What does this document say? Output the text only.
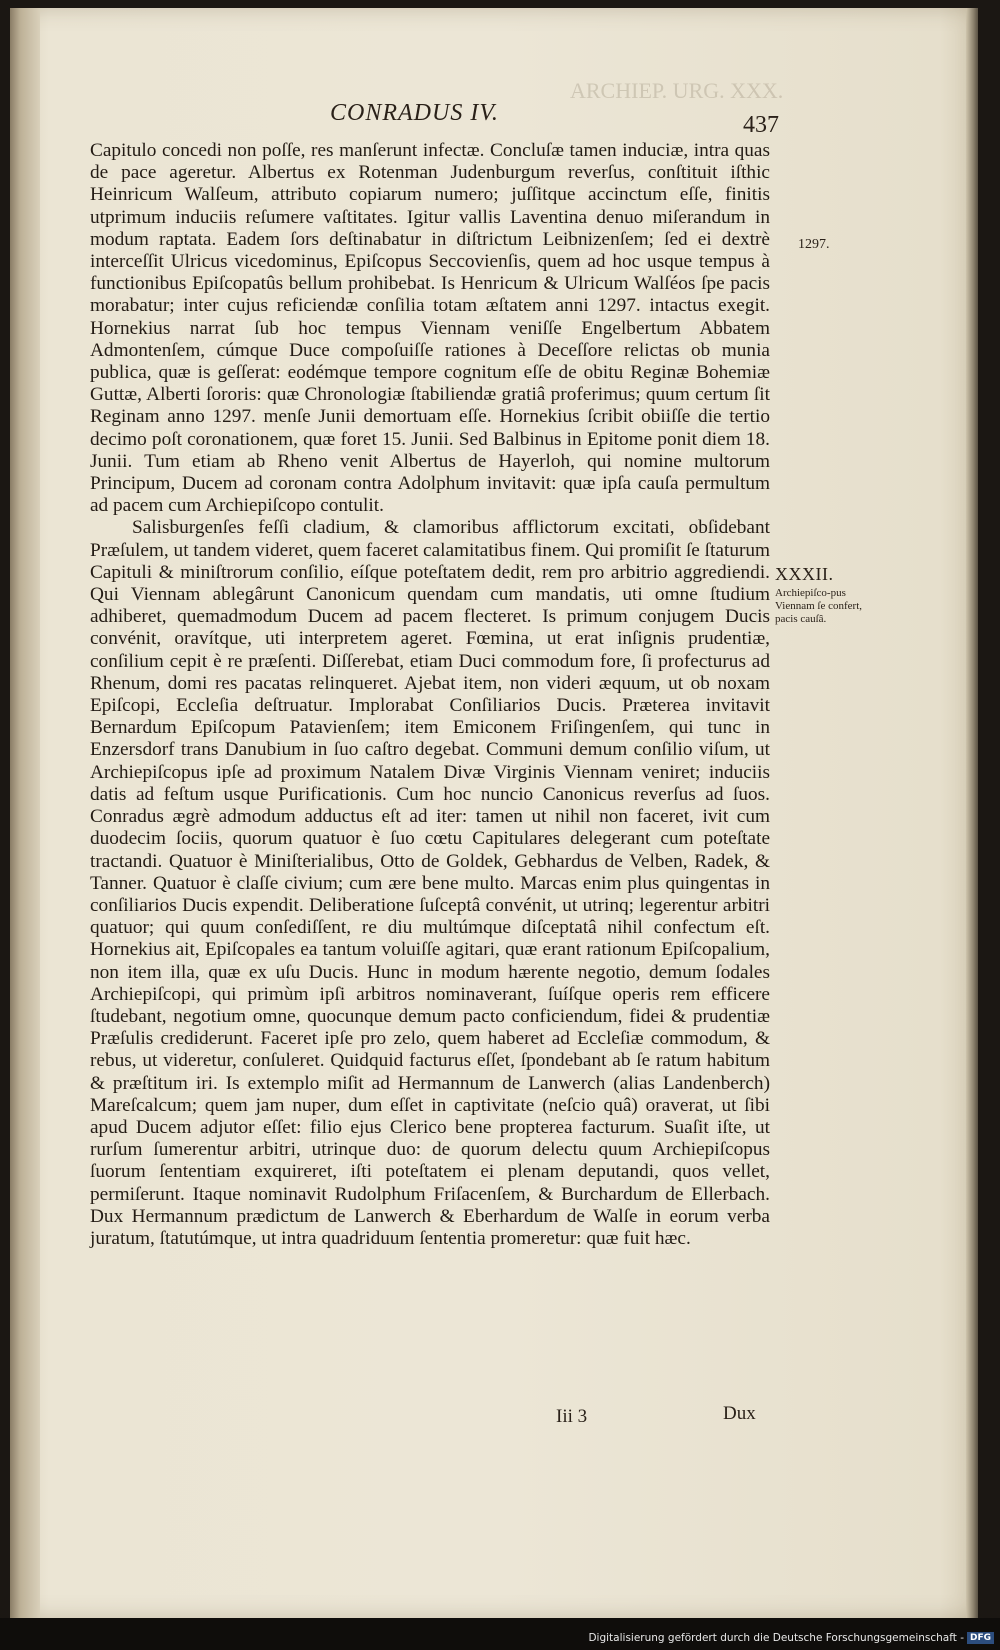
ARCHIEP. URG. XXX.
CONRADUS IV.	437

Capitulo concedi non poſſe, res manſerunt infectæ. Concluſæ tamen induciæ, intra quas de pace ageretur. Albertus ex Rotenman Judenburgum reverſus, conſtituit iſthic Heinricum Walſeum, attributo copiarum numero; juſſitque accinctum eſſe, finitis utprimum induciis reſumere vaſtitates. Igitur vallis Laventina denuo miſerandum in modum raptata. Eadem ſors deſtinabatur in diſtrictum Leibnizenſem; ſed ei dextrè interceſſit Ulricus vicedominus, Epiſcopus Seccovienſis, quem ad hoc usque tempus à functionibus Epiſcopatûs bellum prohibebat. Is Henricum & Ulricum Walſéos ſpe pacis morabatur; inter cujus reficiendæ conſilia totam æſtatem anni 1297. intactus exegit. Hornekius narrat ſub hoc tempus Viennam veniſſe Engelbertum Abbatem Admontenſem, cúmque Duce compoſuiſſe rationes à Deceſſore relictas ob munia publica, quæ is geſſerat: eodémque tempore cognitum eſſe de obitu Reginæ Bohemiæ Guttæ, Alberti ſororis: quæ Chronologiæ ſtabiliendæ gratiâ proferimus; quum certum ſit Reginam anno 1297. menſe Junii demortuam eſſe. Hornekius ſcribit obiiſſe die tertio decimo poſt coronationem, quæ foret 15. Junii. Sed Balbinus in Epitome ponit diem 18. Junii. Tum etiam ab Rheno venit Albertus de Hayerloh, qui nomine multorum Principum, Ducem ad coronam contra Adolphum invitavit: quæ ipſa cauſa permultum ad pacem cum Archiepiſcopo contulit.

Salisburgenſes feſſi cladium, & clamoribus afflictorum excitati, obſidebant Præſulem, ut tandem videret, quem faceret calamitatibus finem. Qui promiſit ſe ſtaturum Capituli & miniſtrorum conſilio, eíſque poteſtatem dedit, rem pro arbitrio aggrediendi. Qui Viennam ablegârunt Canonicum quendam cum mandatis, uti omne ſtudium adhiberet, quemadmodum Ducem ad pacem flecteret. Is primum conjugem Ducis convénit, oravítque, uti interpretem ageret. Fœmina, ut erat inſignis prudentiæ, conſilium cepit è re præſenti. Diſſerebat, etiam Duci commodum fore, ſi profecturus ad Rhenum, domi res pacatas relinqueret. Ajebat item, non videri æquum, ut ob noxam Epiſcopi, Eccleſia deſtruatur. Implorabat Conſiliarios Ducis. Præterea invitavit Bernardum Epiſcopum Patavienſem; item Emiconem Friſingenſem, qui tunc in Enzersdorf trans Danubium in ſuo caſtro degebat. Communi demum conſilio viſum, ut Archiepiſcopus ipſe ad proximum Natalem Divæ Virginis Viennam veniret; induciis datis ad feſtum usque Purificationis. Cum hoc nuncio Canonicus reverſus ad ſuos. Conradus ægrè admodum adductus eſt ad iter: tamen ut nihil non faceret, ivit cum duodecim ſociis, quorum quatuor è ſuo cœtu Capitulares delegerant cum poteſtate tractandi. Quatuor è Miniſterialibus, Otto de Goldek, Gebhardus de Velben, Radek, & Tanner. Quatuor è claſſe civium; cum ære bene multo. Marcas enim plus quingentas in conſiliarios Ducis expendit. Deliberatione ſuſceptâ convénit, ut utrinq; legerentur arbitri quatuor; qui quum conſediſſent, re diu multúmque diſceptatâ nihil confectum eſt. Hornekius ait, Epiſcopales ea tantum voluiſſe agitari, quæ erant rationum Epiſcopalium, non item illa, quæ ex uſu Ducis. Hunc in modum hærente negotio, demum ſodales Archiepiſcopi, qui primùm ipſi arbitros nominaverant, ſuíſque operis rem efficere ſtudebant, negotium omne, quocunque demum pacto conficiendum, fidei & prudentiæ Præſulis crediderunt. Faceret ipſe pro zelo, quem haberet ad Eccleſiæ commodum, & rebus, ut videretur, conſuleret. Quidquid facturus eſſet, ſpondebant ab ſe ratum habitum & præſtitum iri. Is extemplo miſit ad Hermannum de Lanwerch (alias Landenberch) Mareſcalcum; quem jam nuper, dum eſſet in captivitate (neſcio quâ) oraverat, ut ſibi apud Ducem adjutor eſſet: filio ejus Clerico bene propterea facturum. Suaſit iſte, ut rurſum ſumerentur arbitri, utrinque duo: de quorum delectu quum Archiepiſcopus ſuorum ſententiam exquireret, iſti poteſtatem ei plenam deputandi, quos vellet, permiſerunt. Itaque nominavit Rudolphum Friſacenſem, & Burchardum de Ellerbach. Dux Hermannum prædictum de Lanwerch & Eberhardum de Walſe in eorum verba juratum, ſtatutúmque, ut intra quadriduum ſententia promeretur: quæ fuit hæc.

1297.
XXXII.
Archiepiſco-pus Viennam ſe confert, pacis cauſâ.
Iii 3	Dux
Digitalisierung gefördert durch die Deutsche Forschungsgemeinschaft - DFG
